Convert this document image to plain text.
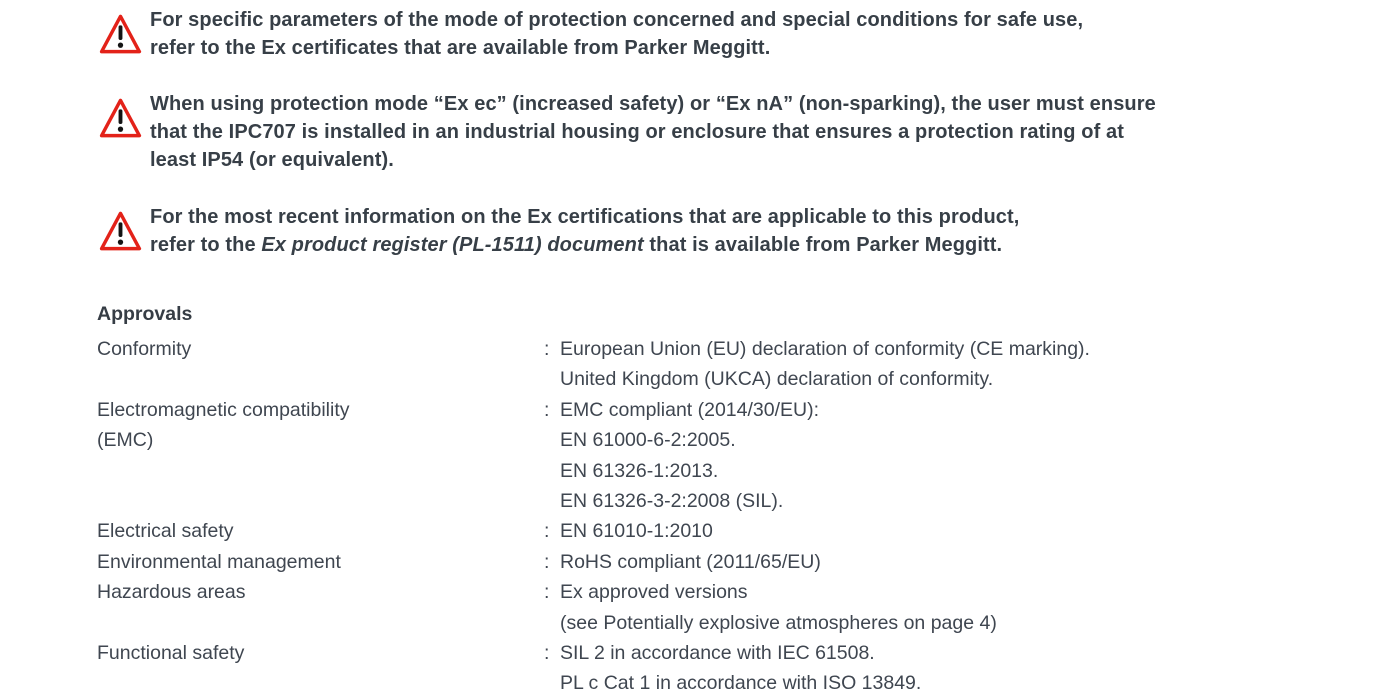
For specific parameters of the mode of protection concerned and special conditions for safe use,
refer to the Ex certificates that are available from Parker Meggitt.
When using protection mode “Ex ec” (increased safety) or “Ex nA” (non-sparking), the user must ensure
that the IPC707 is installed in an industrial housing or enclosure that ensures a protection rating of at
least IP54 (or equivalent).
For the most recent information on the Ex certifications that are applicable to this product,
refer to the Ex product register (PL-1511) document that is available from Parker Meggitt.
Approvals
Conformity	: European Union (EU) declaration of conformity (CE marking).
United Kingdom (UKCA) declaration of conformity.
Electromagnetic compatibility
(EMC)
: EMC compliant (2014/30/EU):
EN 61000-6-2:2005.
EN 61326-1:2013.
EN 61326-3-2:2008 (SIL).
Electrical safety	: EN 61010-1:2010
Environmental management	: RoHS compliant (2011/65/EU)
Hazardous areas	: Ex approved versions
(see Potentially explosive atmospheres on page 4)
Functional safety	: SIL 2 in accordance with IEC 61508.
PL c Cat 1 in accordance with ISO 13849.
